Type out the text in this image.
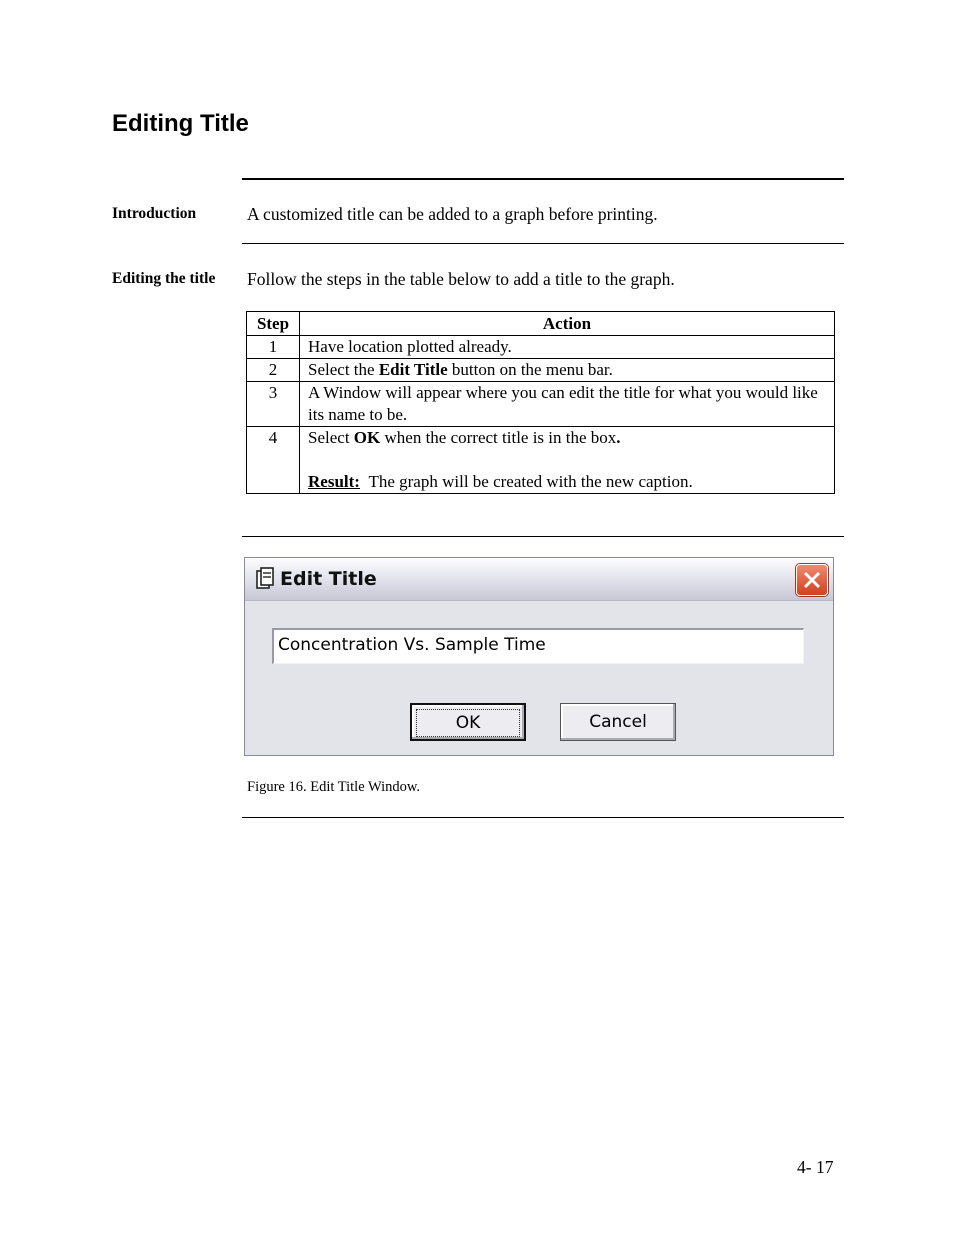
Editing Title
Introduction	A customized title can be added to a graph before printing.
Editing the title Follow the steps in the table below to add a title to the graph.
Step	Action
1	Have location plotted already.
2	Select the Edit Title button on the menu bar.
3	A Window will appear where you can edit the title for what you would like its name to be.
4	Select OK when the correct title is in the box.
Result: The graph will be created with the new caption.
Edit Title
Concentration Vs. Sample Time
OK	Cancel
Figure 16. Edit Title Window.
4- 17
